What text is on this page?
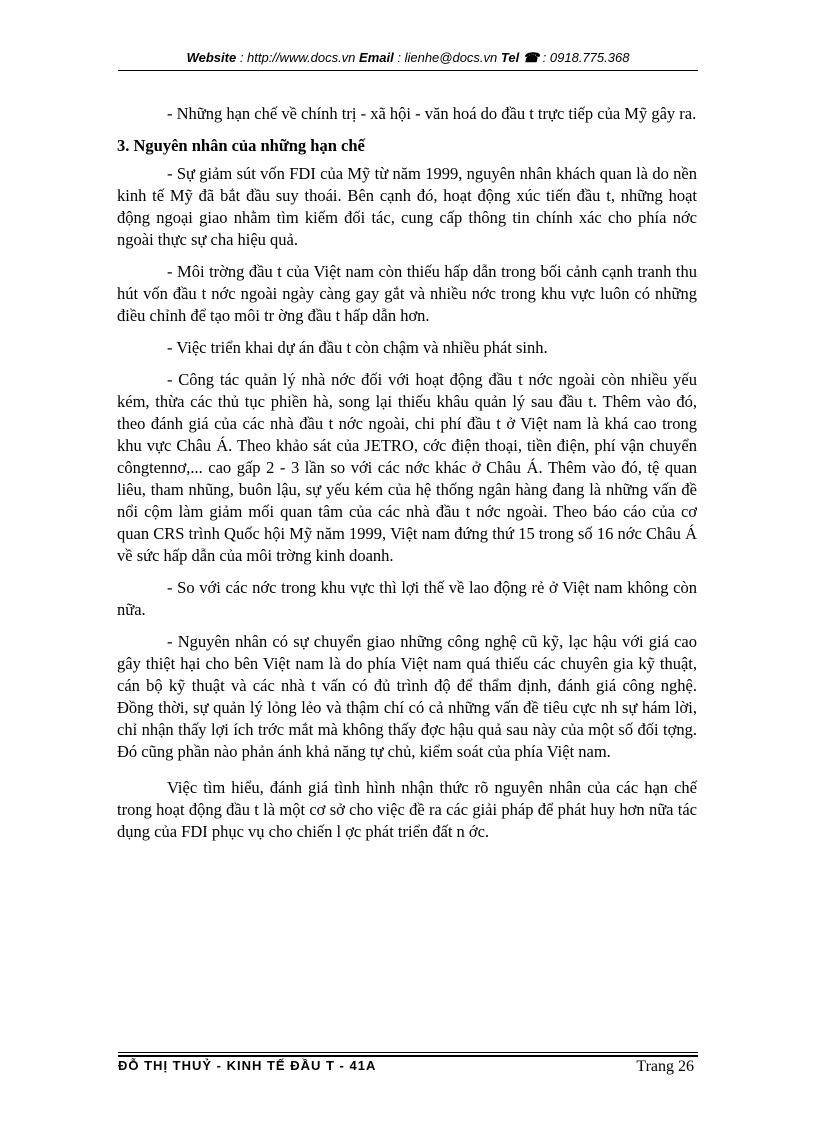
Website : http://www.docs.vn Email : lienhe@docs.vn Tel ☎ : 0918.775.368

- Những hạn chế về chính trị - xã hội - văn hoá do đầu t trực tiếp của Mỹ gây ra.

3. Nguyên nhân của những hạn chế

- Sự giảm sút vốn FDI của Mỹ từ năm 1999, nguyên nhân khách quan là do nền kinh tế Mỹ đã bắt đầu suy thoái. Bên cạnh đó, hoạt động xúc tiến đầu t, những hoạt động ngoại giao nhằm tìm kiếm đối tác, cung cấp thông tin chính xác cho phía nớc ngoài thực sự cha hiệu quả.

- Môi trờng đầu t của Việt nam còn thiếu hấp dẫn trong bối cảnh cạnh tranh thu hút vốn đầu t nớc ngoài ngày càng gay gắt và nhiều nớc trong khu vực luôn có những điều chỉnh để tạo môi tr ờng đầu t hấp dẫn hơn.

- Việc triển khai dự án đầu t còn chậm và nhiều phát sinh.

- Công tác quản lý nhà nớc đối với hoạt động đầu t nớc ngoài còn nhiều yếu kém, thừa các thủ tục phiền hà, song lại thiếu khâu quản lý sau đầu t. Thêm vào đó, theo đánh giá của các nhà đầu t nớc ngoài, chi phí đầu t ở Việt nam là khá cao trong khu vực Châu Á. Theo khảo sát của JETRO, cớc điện thoại, tiền điện, phí vận chuyển côngtennơ,... cao gấp 2 - 3 lần so với các nớc khác ở Châu Á. Thêm vào đó, tệ quan liêu, tham nhũng, buôn lậu, sự yếu kém của hệ thống ngân hàng đang là những vấn đề nổi cộm làm giảm mối quan tâm của các nhà đầu t nớc ngoài. Theo báo cáo của cơ quan CRS trình Quốc hội Mỹ năm 1999, Việt nam đứng thứ 15 trong số 16 nớc Châu Á về sức hấp dẫn của môi trờng kinh doanh.

- So với các nớc trong khu vực thì lợi thế về lao động rẻ ở Việt nam không còn nữa.

- Nguyên nhân có sự chuyển giao những công nghệ cũ kỹ, lạc hậu với giá cao gây thiệt hại cho bên Việt nam là do phía Việt nam quá thiếu các chuyên gia kỹ thuật, cán bộ kỹ thuật và các nhà t vấn có đủ trình độ để thẩm định, đánh giá công nghệ. Đồng thời, sự quản lý lỏng lẻo và thậm chí có cả những vấn đề tiêu cực nh sự hám lời, chỉ nhận thấy lợi ích trớc mắt mà không thấy đợc hậu quả sau này của một số đối tợng. Đó cũng phần nào phản ánh khả năng tự chủ, kiểm soát của phía Việt nam.

Việc tìm hiểu, đánh giá tình hình nhận thức rõ nguyên nhân của các hạn chế trong hoạt động đầu t là một cơ sở cho việc đề ra các giải pháp để phát huy hơn nữa tác dụng của FDI phục vụ cho chiến l ợc phát triển đất n ớc.

ĐỖ THỊ THUỶ - KINH TẾ ĐẦU T - 41A	Trang 26
